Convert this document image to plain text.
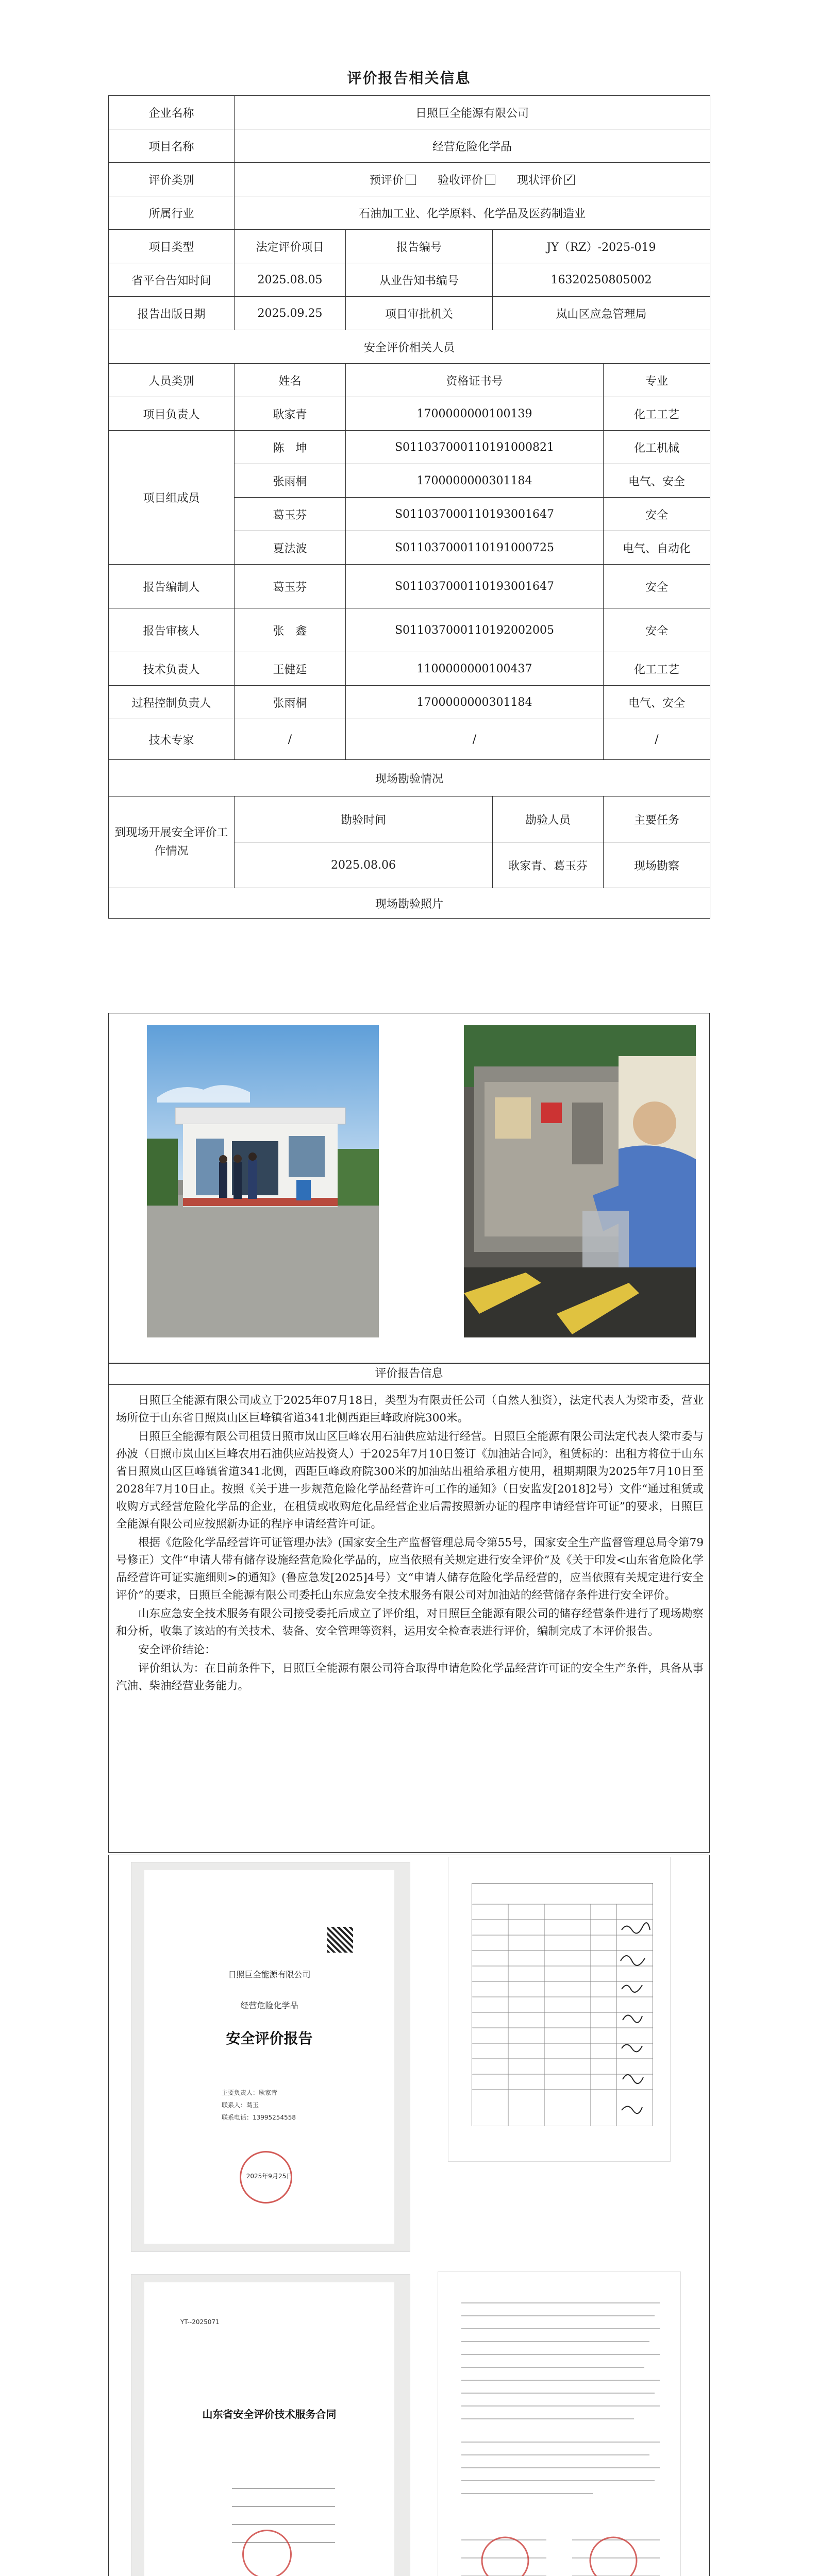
评价报告相关信息
企业名称	日照巨全能源有限公司			
项目名称	经营危险化学品			
评价类别	预评价 验收评价 现状评价✓
所属行业	石油加工业、化学原料、化学品及医药制造业			
项目类型	法定评价项目	报告编号	JY（RZ）-2025-019	
省平台告知时间	2025.08.05	从业告知书编号	16320250805002	
报告出版日期	2025.09.25	项目审批机关	岚山区应急管理局	
安全评价相关人员				
人员类别	姓名	资格证书号		专业
项目负责人	耿家青	1700000000100139		化工工艺
项目组成员	陈　坤	S011037000110191000821		化工机械
	张雨桐	1700000000301184		电气、安全
	葛玉芬	S011037000110193001647		安全
	夏法波	S011037000110191000725		电气、自动化
报告编制人	葛玉芬	S011037000110193001647		安全
报告审核人	张　鑫	S011037000110192002005		安全
技术负责人	王健廷	1100000000100437		化工工艺
过程控制负责人	张雨桐	1700000000301184		电气、安全
技术专家	/	/		/
现场勘验情况				
到现场开展安全评价工作情况	勘验时间		勘验人员	主要任务
	2025.08.06		耿家青、葛玉芬	现场勘察
现场勘验照片				
评价报告信息

日照巨全能源有限公司成立于2025年07月18日，类型为有限责任公司（自然人独资），法定代表人为梁市委，营业场所位于山东省日照岚山区巨峰镇省道341北侧西距巨峰政府院300米。

日照巨全能源有限公司租赁日照市岚山区巨峰农用石油供应站进行经营。日照巨全能源有限公司法定代表人梁市委与孙波（日照市岚山区巨峰农用石油供应站投资人）于2025年7月10日签订《加油站合同》，租赁标的：出租方将位于山东省日照岚山区巨峰镇省道341北侧，西距巨峰政府院300米的加油站出租给承租方使用，租期期限为2025年7月10日至2028年7月10日止。按照《关于进一步规范危险化学品经营许可工作的通知》（日安监发[2018]2号）文件“通过租赁或收购方式经营危险化学品的企业，在租赁或收购危化品经营企业后需按照新办证的程序申请经营许可证”的要求，日照巨全能源有限公司应按照新办证的程序申请经营许可证。

根据《危险化学品经营许可证管理办法》(国家安全生产监督管理总局令第55号，国家安全生产监督管理总局令第79号修正）文件“申请人带有储存设施经营危险化学品的，应当依照有关规定进行安全评价”及《关于印发<山东省危险化学品经营许可证实施细则>的通知》(鲁应急发[2025]4号）文“申请人储存危险化学品经营的，应当依照有关规定进行安全评价”的要求，日照巨全能源有限公司委托山东应急安全技术服务有限公司对加油站的经营储存条件进行安全评价。

山东应急安全技术服务有限公司接受委托后成立了评价组，对日照巨全能源有限公司的储存经营条件进行了现场勘察和分析，收集了该站的有关技术、装备、安全管理等资料，运用安全检查表进行评价，编制完成了本评价报告。

安全评价结论：

评价组认为：在目前条件下，日照巨全能源有限公司符合取得申请危险化学品经营许可证的安全生产条件，具备从事汽油、柴油经营业务能力。

日照巨全能源有限公司
经营危险化学品
安全评价报告
主要负责人：耿家青
联系人：葛玉
联系电话：13995254558
2025年9月25日
YT--2025071
山东省安全评价技术服务合同
